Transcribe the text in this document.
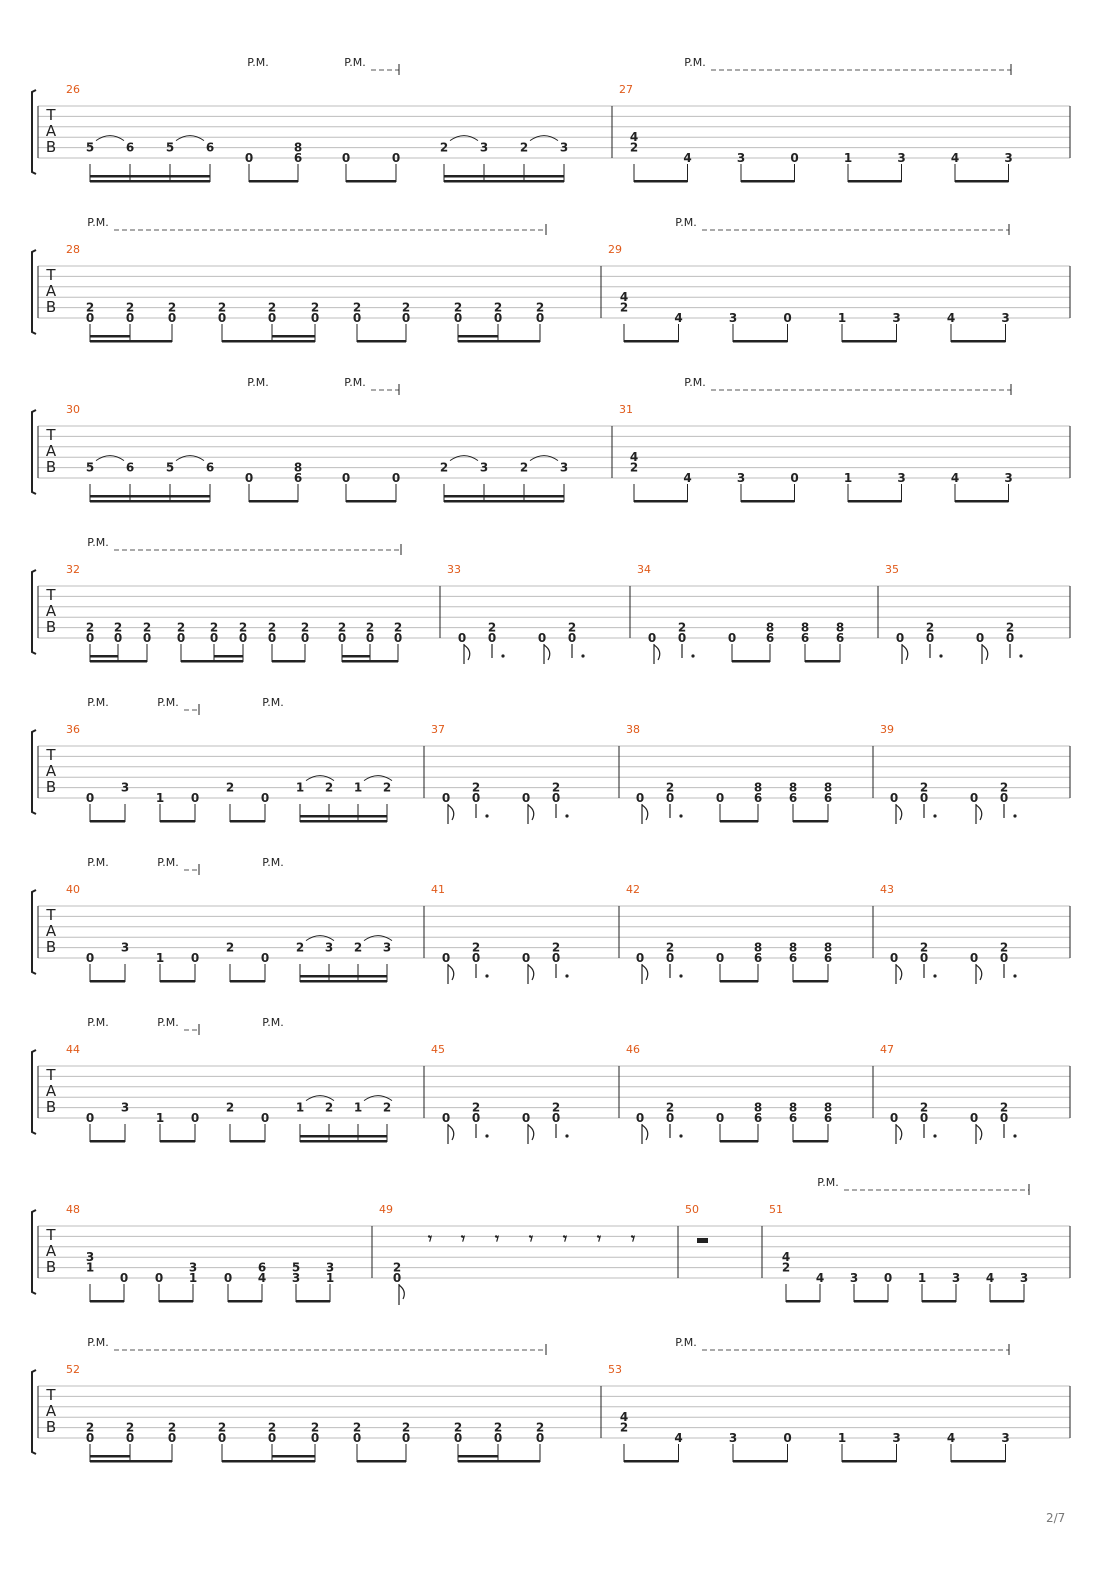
T
A
B
26	27
P.M.	P.M.	P.M.
5	6	5	6
0
8
6	0	0
2	3	2	3
4
2
4	3	0	1	3	4	3
T
A
B
28	29
P.M.	P.M.
2
0
2
0
2
0
2
0
2
0
2
0
2
0
2
0
2
0
2
0
2
0
4
2
4	3	0	1	3	4	3
T
A
B
30	31
P.M.	P.M.	P.M.
5	6	5	6
0
8
6	0	0
2	3	2	3
4
2
4	3	0	1	3	4	3
T
A
B
32	33	34	35
P.M.
2
0
2
0
2
0
2
0
2
0
2
0
2
0
2
0
2
0
2
0
2
0	0
2
0	0
2
0	0
2
0	0
8
6
8
6
8
6	0
2
0	0
2
0
T
A
B
36	37	38	39
P.M.	P.M.	P.M.
0
3
1 0
2
0
1 2 1 2
0
2
0	0
2
0	0
2
0	0
8
6
8
6
8
6	0
2
0	0
2
0
T
A
B
40	41	42	43
P.M.	P.M.	P.M.
0
3
1 0
2
0
2 3 2 3
0
2
0	0
2
0	0
2
0	0
8
6
8
6
8
6	0
2
0	0
2
0
T
A
B
44	45	46	47
P.M.	P.M.	P.M.
0
3
1 0
2
0
1 2 1 2
0
2
0	0
2
0	0
2
0	0
8
6
8
6
8
6	0
2
0	0
2
0
T
A
B
48	49	50	51
P.M.
3
1
0 0
3
1 0
6
4
5
3
3
1
2
0
𝄾 𝄾 𝄾 𝄾 𝄾 𝄾 𝄾
4
2
4 3 0 1 3 4 3
T
A
B
52	53
P.M.	P.M.
2
0
2
0
2
0
2
0
2
0
2
0
2
0
2
0
2
0
2
0
2
0
4
2
4	3	0	1	3	4	3
2/7
